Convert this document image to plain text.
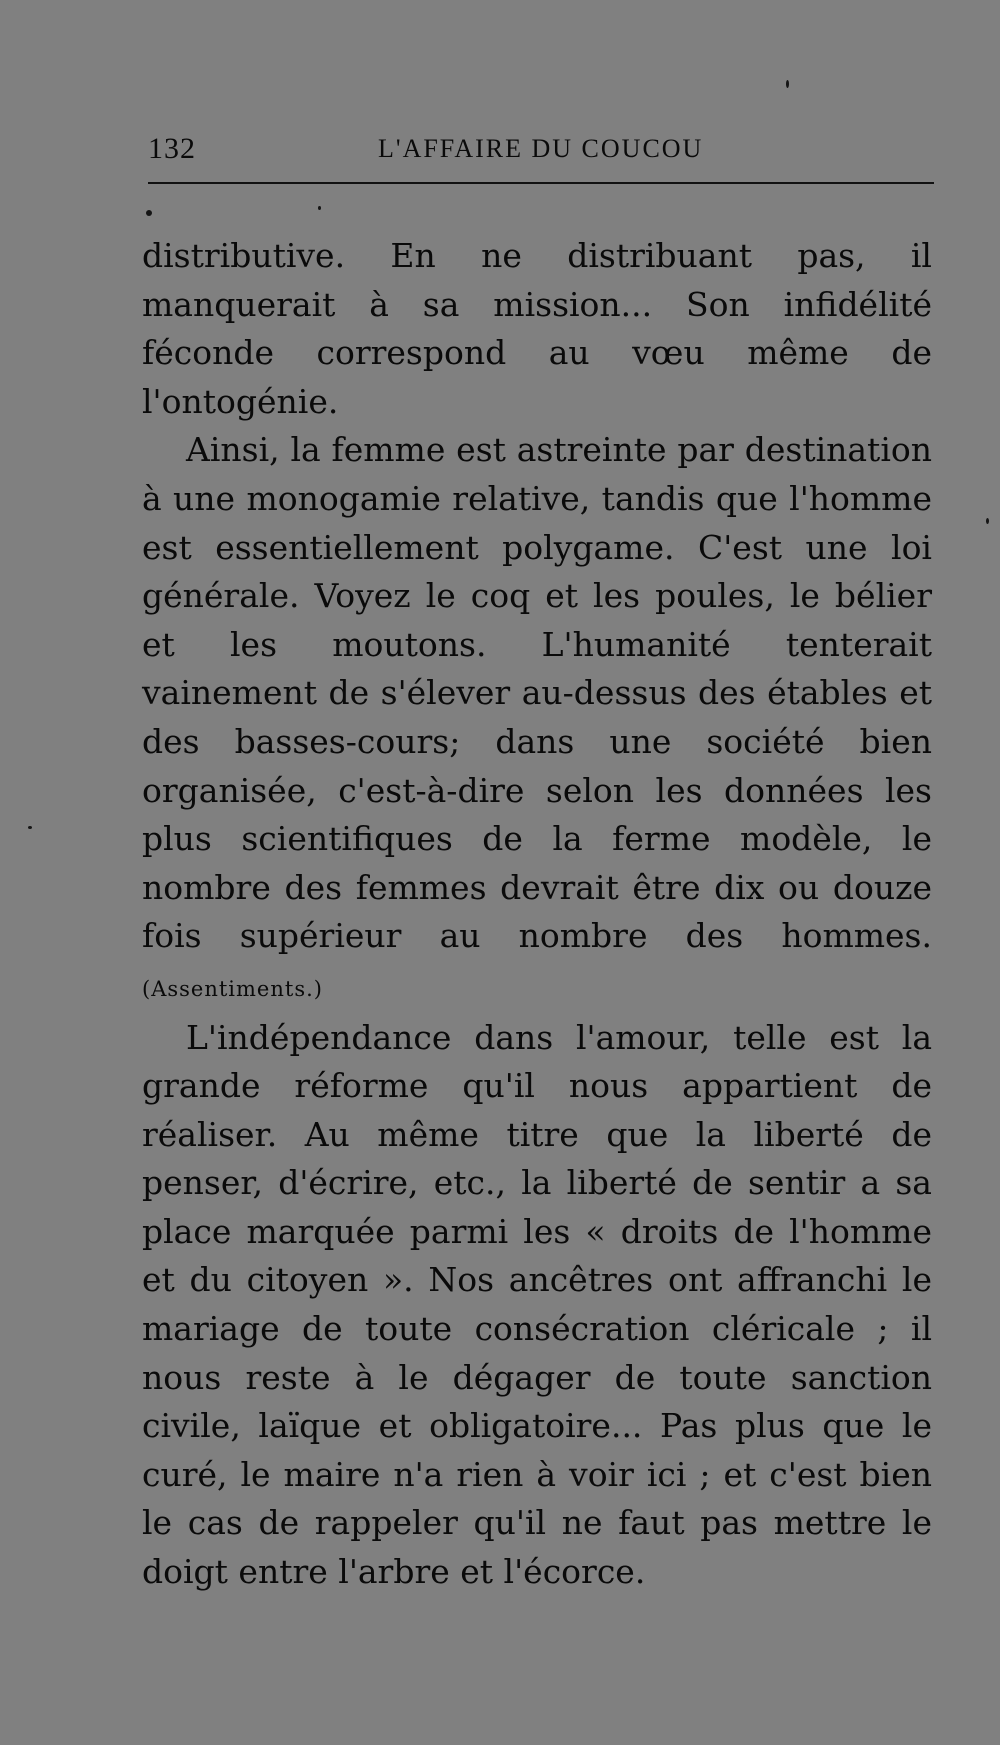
132	L'AFFAIRE DU COUCOU

distributive. En ne distribuant pas, il manquerait à sa mission... Son infidélité féconde correspond au vœu même de l'ontogénie.

Ainsi, la femme est astreinte par destination à une monogamie relative, tandis que l'homme est essentiellement polygame. C'est une loi générale. Voyez le coq et les poules, le bélier et les moutons. L'humanité tenterait vainement de s'élever au-dessus des étables et des basses-cours; dans une société bien organisée, c'est-à-dire selon les données les plus scientifiques de la ferme modèle, le nombre des femmes devrait être dix ou douze fois supérieur au nombre des hommes. (Assentiments.)

L'indépendance dans l'amour, telle est la grande réforme qu'il nous appartient de réaliser. Au même titre que la liberté de penser, d'écrire, etc., la liberté de sentir a sa place marquée parmi les « droits de l'homme et du citoyen ». Nos ancêtres ont affranchi le mariage de toute consécration cléricale ; il nous reste à le dégager de toute sanction civile, laïque et obligatoire... Pas plus que le curé, le maire n'a rien à voir ici ; et c'est bien le cas de rappeler qu'il ne faut pas mettre le doigt entre l'arbre et l'écorce.
